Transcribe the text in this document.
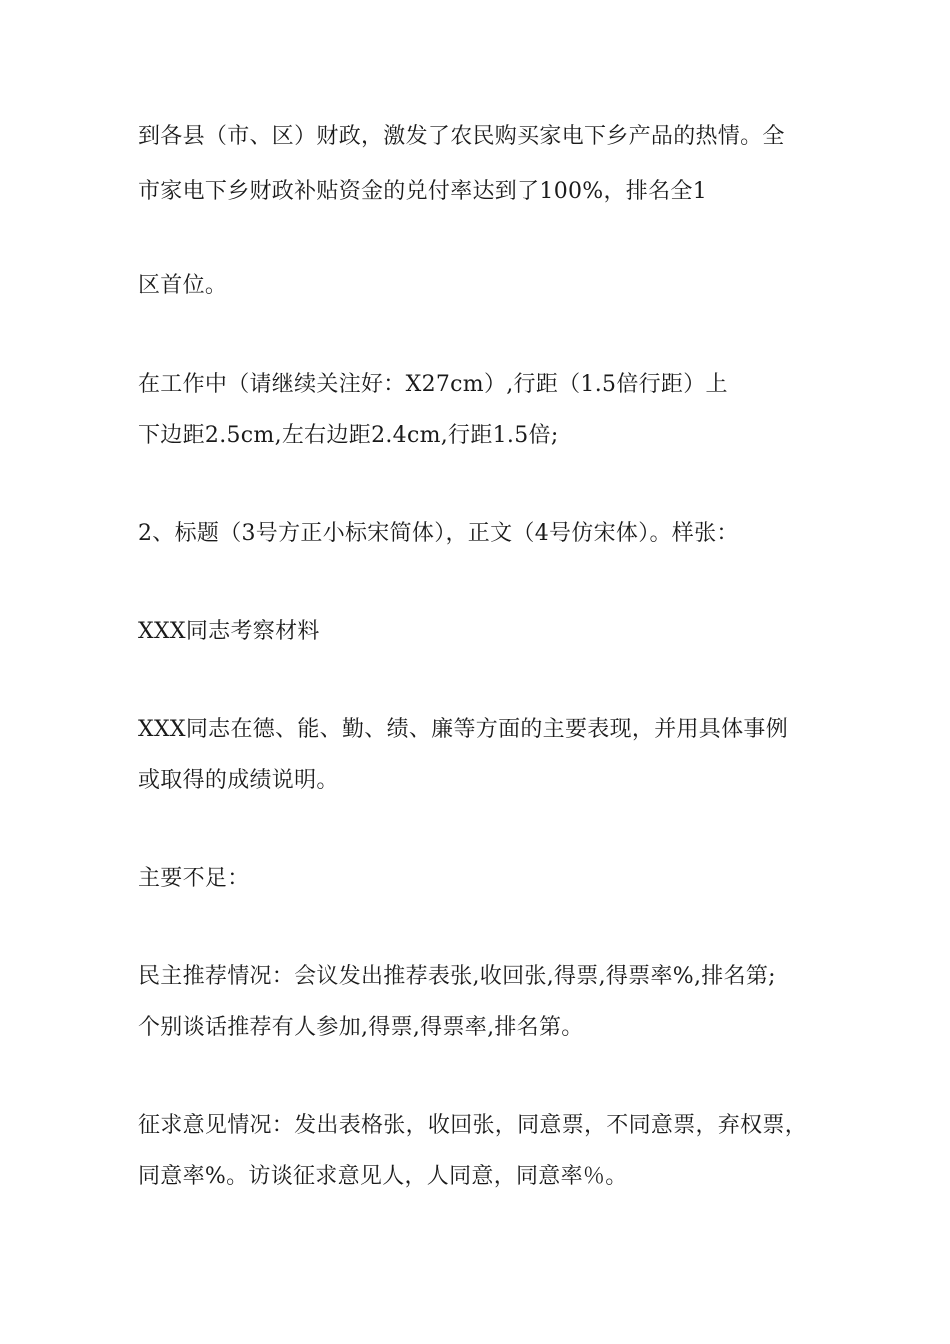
到各县（市、区）财政，激发了农民购买家电下乡产品的热情。全
市家电下乡财政补贴资金的兑付率达到了100%，排名全1
区首位。
在工作中（请继续关注好：X27cm）,行距（1.5倍行距）上
下边距2.5cm,左右边距2.4cm,行距1.5倍;
2、标题（3号方正小标宋简体），正文（4号仿宋体）。样张：
XXX同志考察材料
XXX同志在德、能、勤、绩、廉等方面的主要表现，并用具体事例
或取得的成绩说明。
主要不足：
民主推荐情况：会议发出推荐表张,收回张,得票,得票率%,排名第;
个别谈话推荐有人参加,得票,得票率,排名第。
征求意见情况：发出表格张，收回张，同意票，不同意票，弃权票，
同意率%。访谈征求意见人，人同意，同意率％。
